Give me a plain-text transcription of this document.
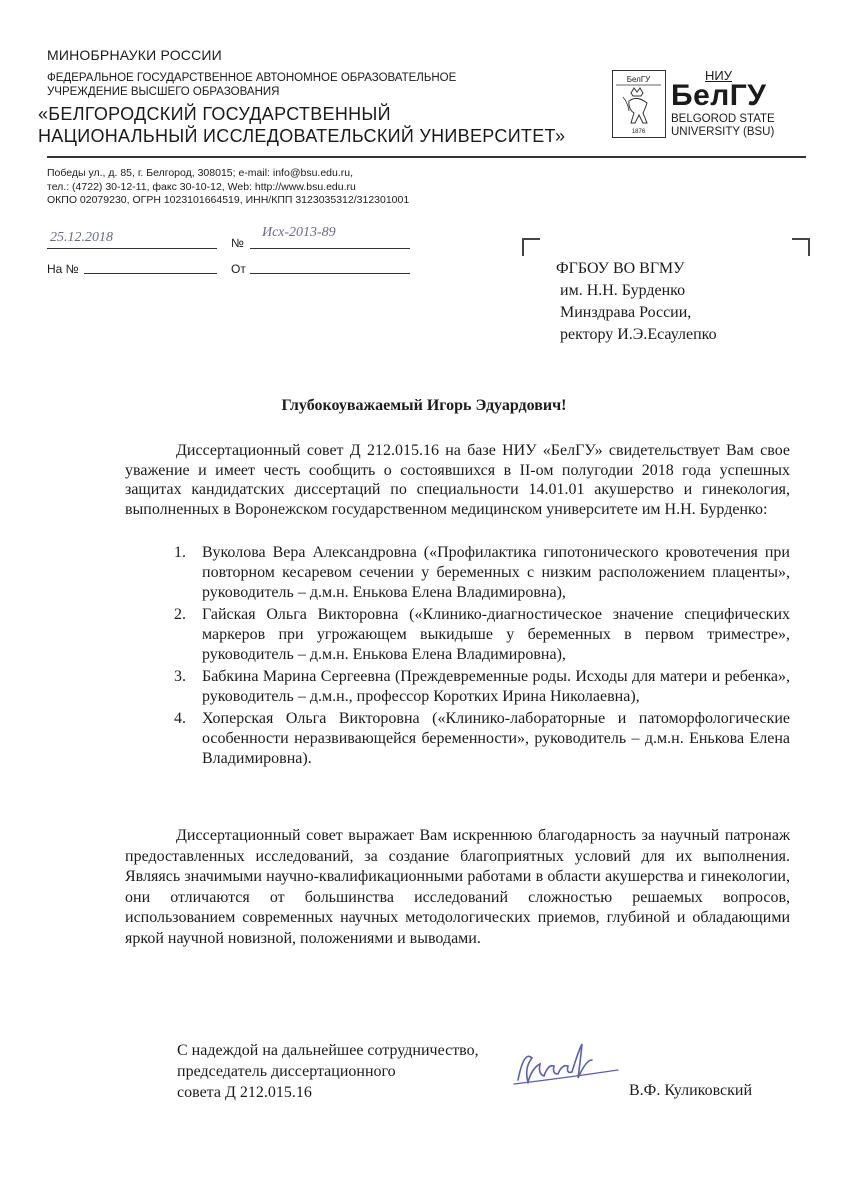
МИНОБРНАУКИ РОССИИ
ФЕДЕРАЛЬНОЕ ГОСУДАРСТВЕННОЕ АВТОНОМНОЕ ОБРАЗОВАТЕЛЬНОЕ
УЧРЕЖДЕНИЕ ВЫСШЕГО ОБРАЗОВАНИЯ
«БЕЛГОРОДСКИЙ ГОСУДАРСТВЕННЫЙ
НАЦИОНАЛЬНЫЙ ИССЛЕДОВАТЕЛЬСКИЙ УНИВЕРСИТЕТ»
БелГУ
1876
НИУ
БелГУ
BELGOROD STATE
UNIVERSITY (BSU)
Победы ул., д. 85, г. Белгород, 308015; e-mail: info@bsu.edu.ru,
тел.: (4722) 30-12-11, факс 30-10-12, Web: http://www.bsu.edu.ru
ОКПО 02079230, ОГРН 1023101664519, ИНН/КПП 3123035312/312301001
25.12.2018	№
Исх-2013-89
На №	От	ФГБОУ ВО ВГМУ
им. Н.Н. Бурденко
Минздрава России,
ректору И.Э.Есаулепко
Глубокоуважаемый Игорь Эдуардович!
Диссертационный совет Д 212.015.16 на базе НИУ «БелГУ» свидетельствует Вам свое уважение и имеет честь сообщить о состоявшихся в II-ом полугодии 2018 года успешных защитах кандидатских диссертаций по специальности 14.01.01 акушерство и гинекология, выполненных в Воронежском государственном медицинском университете им Н.Н. Бурденко:
1.	Вуколова Вера Александровна («Профилактика гипотонического кровотечения при повторном кесаревом сечении у беременных с низким расположением плаценты», руководитель – д.м.н. Енькова Елена Владимировна),
2.	Гайская Ольга Викторовна («Клинико-диагностическое значение специфических маркеров при угрожающем выкидыше у беременных в первом триместре», руководитель – д.м.н. Енькова Елена Владимировна),
3.	Бабкина Марина Сергеевна (Преждевременные роды. Исходы для матери и ребенка», руководитель – д.м.н., профессор Коротких Ирина Николаевна),
4.	Хоперская Ольга Викторовна («Клинико-лабораторные и патоморфологические особенности неразвивающейся беременности», руководитель – д.м.н. Енькова Елена Владимировна).
Диссертационный совет выражает Вам искреннюю благодарность за научный патронаж предоставленных исследований, за создание благоприятных условий для их выполнения. Являясь значимыми научно-квалификационными работами в области акушерства и гинекологии, они отличаются от большинства исследований сложностью решаемых вопросов, использованием современных научных методологических приемов, глубиной и обладающими яркой научной новизной, положениями и выводами.
С надеждой на дальнейшее сотрудничество,
председатель диссертационного
совета Д 212.015.16	В.Ф. Куликовский
